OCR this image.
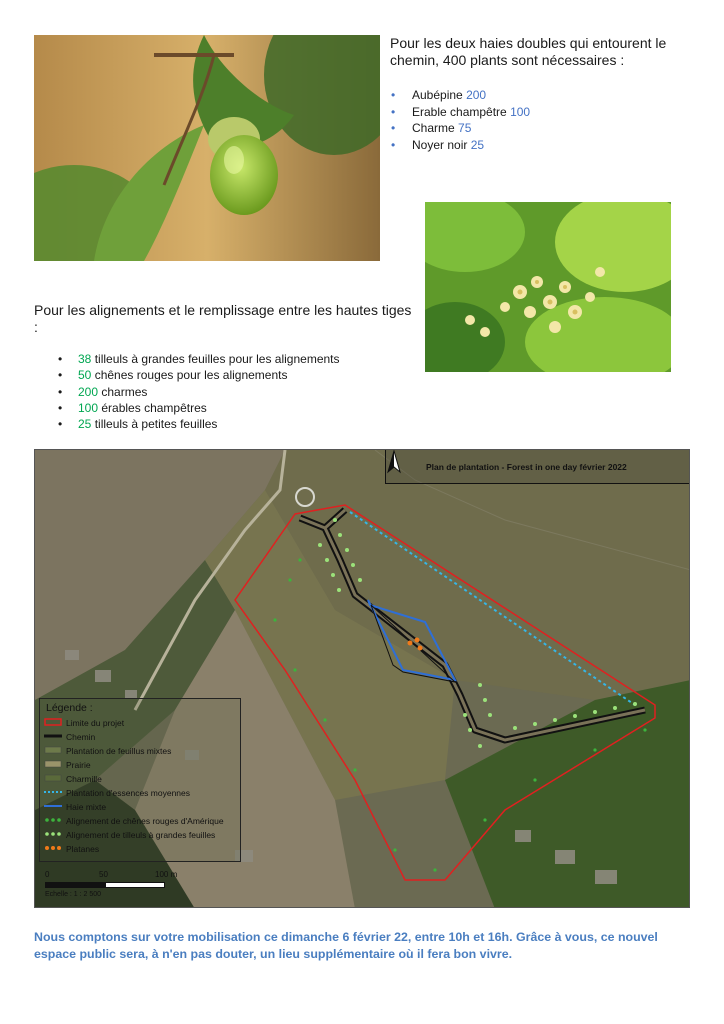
Pour les deux haies doubles qui entourent le chemin, 400 plants sont nécessaires :
• Aubépine 200
• Erable champêtre 100
• Charme 75
• Noyer noir 25
Pour les alignements et le remplissage entre les hautes tiges :
• 38 tilleuls à grandes feuilles pour les alignements
• 50 chênes rouges pour les alignements
• 200 charmes
• 100 érables champêtres
• 25 tilleuls à petites feuilles
Plan de plantation - Forest in one day février 2022
Légende :
Limite du projet
Chemin
Plantation de feuillus mixtes
Prairie
Charmille
Plantation d'essences moyennes
Haie mixte
Alignement de chênes rouges d'Amérique
Alignement de tilleuls à grandes feuilles
Platanes
0	50	100 m
Echelle : 1 : 2 500
Nous comptons sur votre mobilisation ce dimanche 6 février 22, entre 10h et 16h. Grâce à vous, ce nouvel espace public sera, à n'en pas douter, un lieu supplémentaire où il fera bon vivre.
